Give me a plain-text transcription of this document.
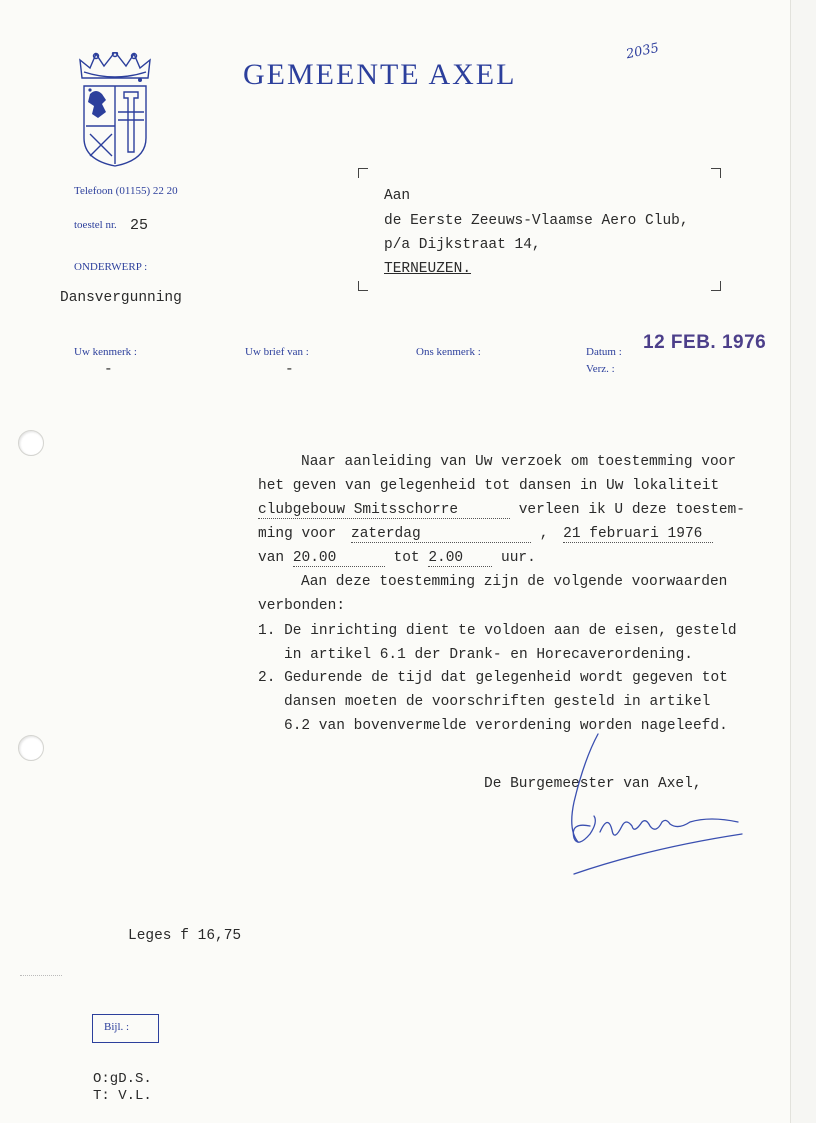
GEMEENTE AXEL
2035
Telefoon (01155) 22 20
toestel nr. 25
ONDERWERP :
Dansvergunning
Aan
de Eerste Zeeuws-Vlaamse Aero Club,
p/a Dijkstraat 14,
TERNEUZEN.
Uw kenmerk :
-
Uw brief van :
-
Ons kenmerk :	Datum : 12 FEB. 1976
Verz. :
Naar aanleiding van Uw verzoek om toestemming voor
het geven van gelegenheid tot dansen in Uw lokaliteit
clubgebouw Smitsschorre	verleen ik U deze toestem-
ming voor zaterdag	, 21 februari 1976
van 20.00	tot 2.00	uur.
Aan deze toestemming zijn de volgende voorwaarden
verbonden:
1. De inrichting dient te voldoen aan de eisen, gesteld
in artikel 6.1 der Drank- en Horecaverordening.
2. Gedurende de tijd dat gelegenheid wordt gegeven tot
dansen moeten de voorschriften gesteld in artikel
6.2 van bovenvermelde verordening worden nageleefd.
De Burgemeester van Axel,
Leges f 16,75
Bijl. :
O:gD.S.
T: V.L.
